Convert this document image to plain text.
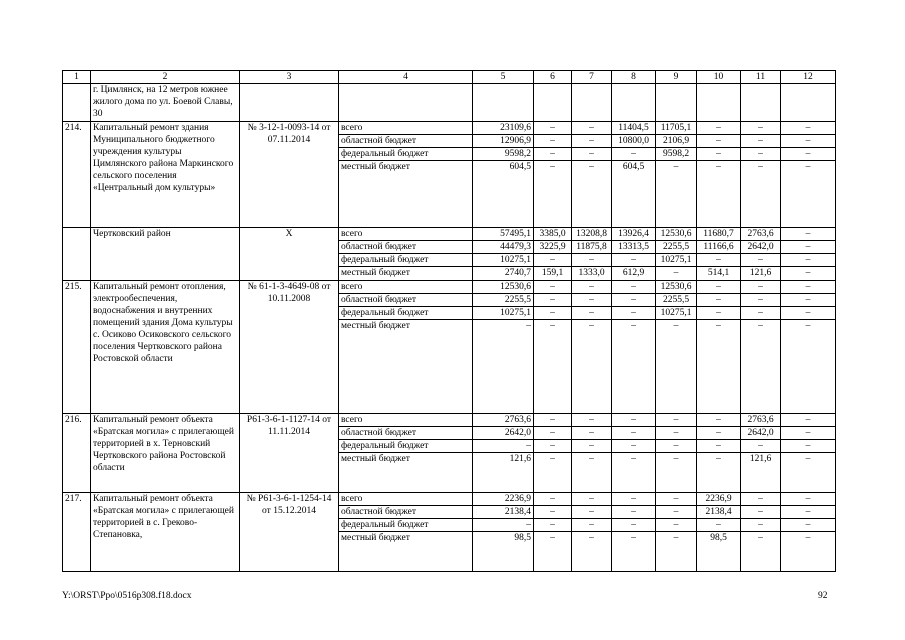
1	2	3	4	5	6	7	8	9	10	11	12
	г. Цимлянск, на 12 метров южнее жилого дома по ул. Боевой Славы, 30										
214.	Капитальный ремонт здания Муниципального бюджетного учреждения культуры Цимлянского района Маркинского сельского поселения «Центральный дом культуры»	№ 3-12-1-0093-14 от 07.11.2014	всего	23109,6	–	–	11404,5	11705,1	–	–	–
			областной бюджет	12906,9	–	–	10800,0	2106,9	–	–	–
			федеральный бюджет	9598,2	–	–	–	9598,2	–	–	–
			местный бюджет	604,5	–	–	604,5	–	–	–	–
	Чертковский район	X	всего	57495,1	3385,0	13208,8	13926,4	12530,6	11680,7	2763,6	–
			областной бюджет	44479,3	3225,9	11875,8	13313,5	2255,5	11166,6	2642,0	–
			федеральный бюджет	10275,1	–	–	–	10275,1	–	–	–
			местный бюджет	2740,7	159,1	1333,0	612,9	–	514,1	121,6	–
215.	Капитальный ремонт отопления, электрообеспечения, водоснабжения и внутренних помещений здания Дома культуры с. Осиково Осиковского сельского поселения Чертковского района Ростовской области	№ 61-1-3-4649-08 от 10.11.2008	всего	12530,6	–	–	–	12530,6	–	–	–
			областной бюджет	2255,5	–	–	–	2255,5	–	–	–
			федеральный бюджет	10275,1	–	–	–	10275,1	–	–	–
			местный бюджет	–	–	–	–	–	–	–	–
216.	Капитальный ремонт объекта «Братская могила» с прилегающей территорией в х. Терновский Чертковского района Ростовской области	Р61-3-6-1-1127-14 от 11.11.2014	всего	2763,6	–	–	–	–	–	2763,6	–
			областной бюджет	2642,0	–	–	–	–	–	2642,0	–
			федеральный бюджет	–	–	–	–	–	–	–	–
			местный бюджет	121,6	–	–	–	–	–	121,6	–
217.	Капитальный ремонт объекта «Братская могила» с прилегающей территорией в с. Греково-Степановка,	№ Р61-3-6-1-1254-14 от 15.12.2014	всего	2236,9	–	–	–	–	2236,9	–	–
			областной бюджет	2138,4	–	–	–	–	2138,4	–	–
			федеральный бюджет	–	–	–	–	–	–	–	–
			местный бюджет	98,5	–	–	–	–	98,5	–	–
Y:\ORST\Ppo\0516p308.f18.docx	92
